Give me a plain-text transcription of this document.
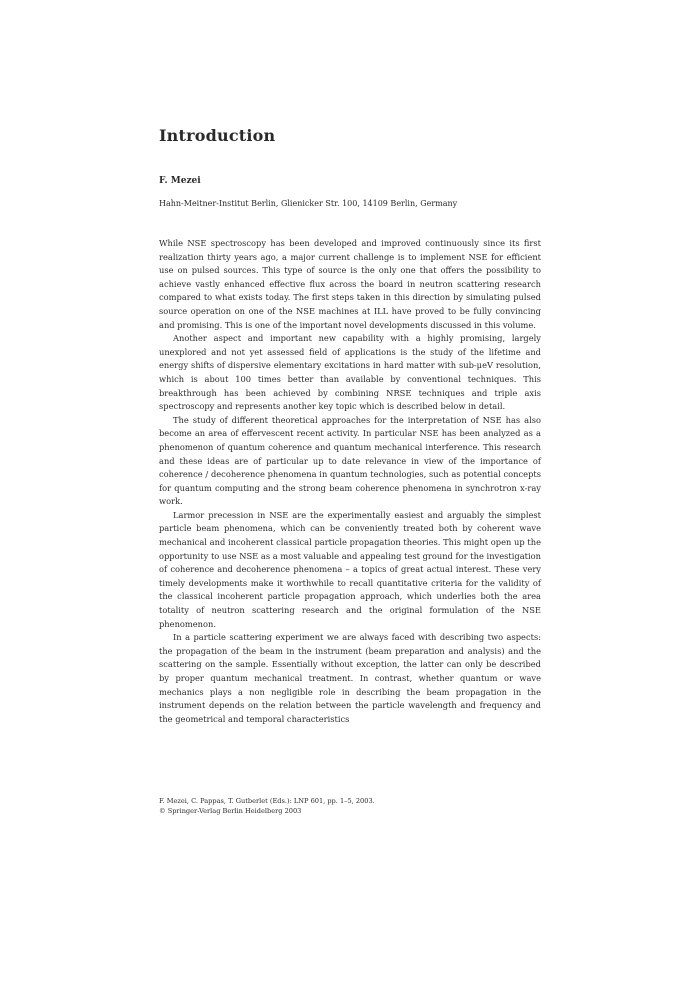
Introduction
F. Mezei
Hahn-Meitner-Institut Berlin, Glienicker Str. 100, 14109 Berlin, Germany

While NSE spectroscopy has been developed and improved continuously since its first realization thirty years ago, a major current challenge is to implement NSE for efficient use on pulsed sources. This type of source is the only one that offers the possibility to achieve vastly enhanced effective flux across the board in neutron scattering research compared to what exists today. The first steps taken in this direction by simulating pulsed source operation on one of the NSE machines at ILL have proved to be fully convincing and promising. This is one of the important novel developments discussed in this volume.

Another aspect and important new capability with a highly promising, largely unexplored and not yet assessed field of applications is the study of the lifetime and energy shifts of dispersive elementary excitations in hard matter with sub-μeV resolution, which is about 100 times better than available by conventional techniques. This breakthrough has been achieved by combining NRSE techniques and triple axis spectroscopy and represents another key topic which is described below in detail.

The study of different theoretical approaches for the interpretation of NSE has also become an area of effervescent recent activity. In particular NSE has been analyzed as a phenomenon of quantum coherence and quantum mechanical interference. This research and these ideas are of particular up to date relevance in view of the importance of coherence / decoherence phenomena in quantum technologies, such as potential concepts for quantum computing and the strong beam coherence phenomena in synchrotron x-ray work.

Larmor precession in NSE are the experimentally easiest and arguably the simplest particle beam phenomena, which can be conveniently treated both by coherent wave mechanical and incoherent classical particle propagation theories. This might open up the opportunity to use NSE as a most valuable and appealing test ground for the investigation of coherence and decoherence phenomena – a topics of great actual interest. These very timely developments make it worthwhile to recall quantitative criteria for the validity of the classical incoherent particle propagation approach, which underlies both the area totality of neutron scattering research and the original formulation of the NSE phenomenon.

In a particle scattering experiment we are always faced with describing two aspects: the propagation of the beam in the instrument (beam preparation and analysis) and the scattering on the sample. Essentially without exception, the latter can only be described by proper quantum mechanical treatment. In contrast, whether quantum or wave mechanics plays a non negligible role in describing the beam propagation in the instrument depends on the relation between the particle wavelength and frequency and the geometrical and temporal characteristics

F. Mezei, C. Pappas, T. Gutberlet (Eds.): LNP 601, pp. 1–5, 2003.
© Springer-Verlag Berlin Heidelberg 2003
